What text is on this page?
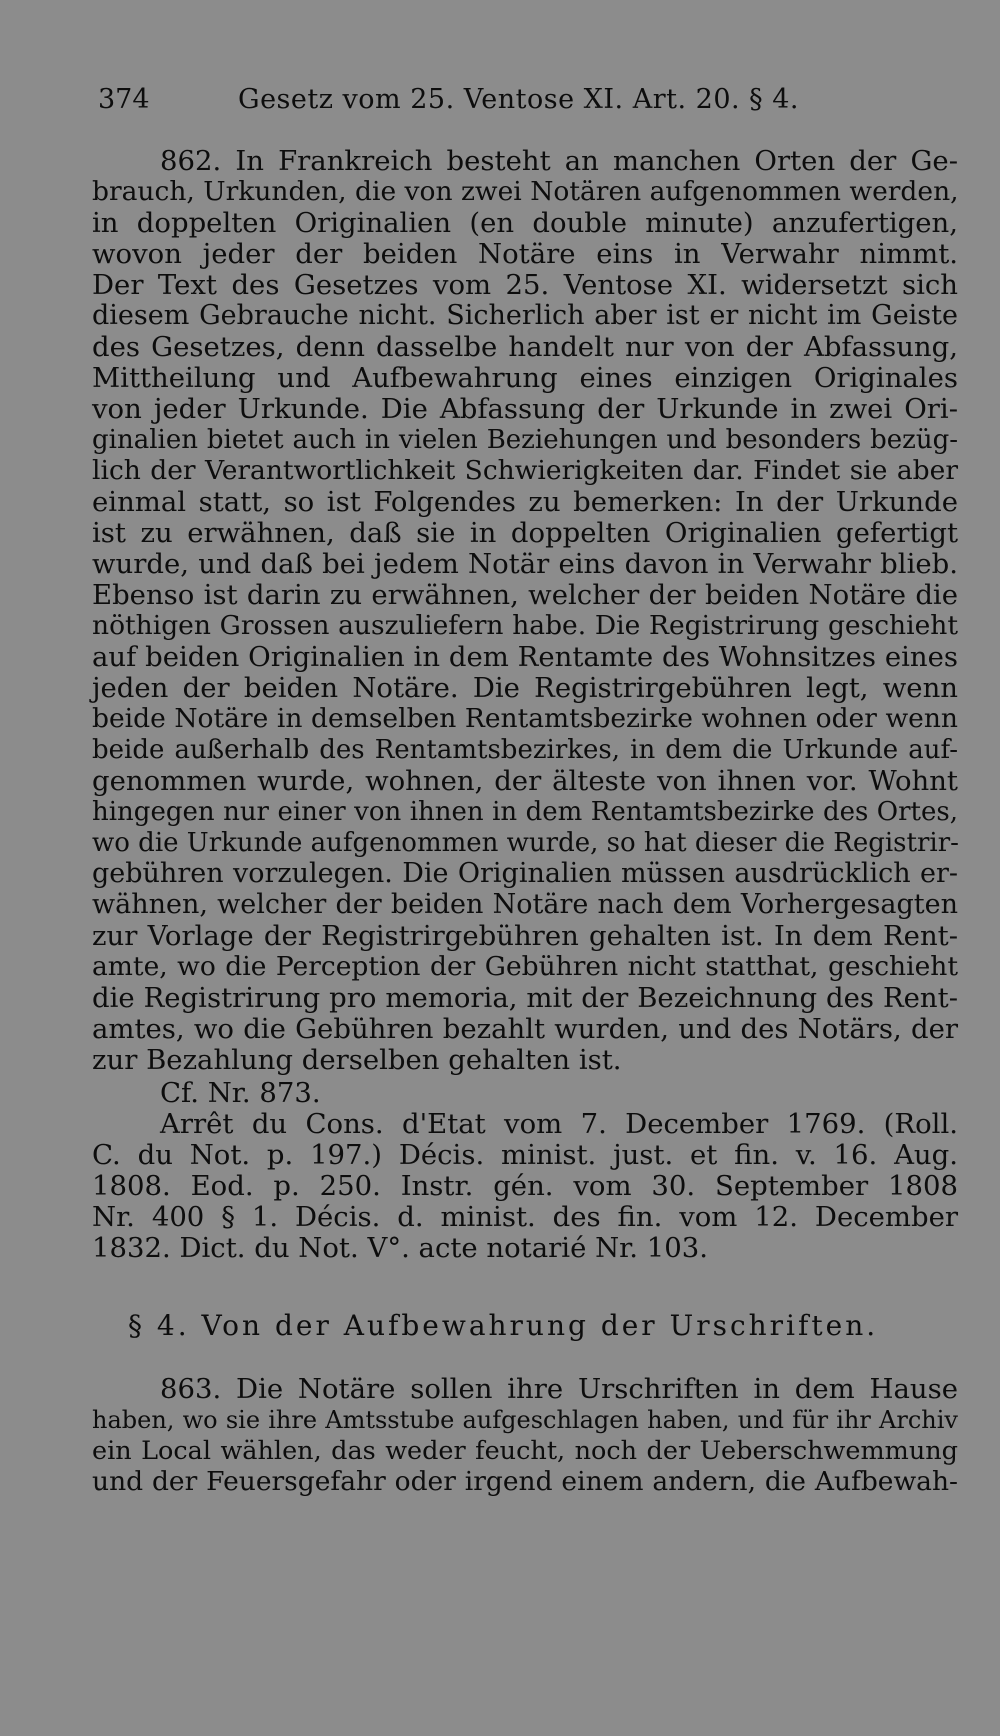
374	Gesetz vom 25. Ventose XI. Art. 20. § 4.
862. In Frankreich besteht an manchen Orten der Ge-
brauch, Urkunden, die von zwei Notären aufgenommen werden,
in doppelten Originalien (en double minute) anzufertigen,
wovon jeder der beiden Notäre eins in Verwahr nimmt.
Der Text des Gesetzes vom 25. Ventose XI. widersetzt sich
diesem Gebrauche nicht. Sicherlich aber ist er nicht im Geiste
des Gesetzes, denn dasselbe handelt nur von der Abfassung,
Mittheilung und Aufbewahrung eines einzigen Originales
von jeder Urkunde. Die Abfassung der Urkunde in zwei Ori-
ginalien bietet auch in vielen Beziehungen und besonders bezüg-
lich der Verantwortlichkeit Schwierigkeiten dar. Findet sie aber
einmal statt, so ist Folgendes zu bemerken: In der Urkunde
ist zu erwähnen, daß sie in doppelten Originalien gefertigt
wurde, und daß bei jedem Notär eins davon in Verwahr blieb.
Ebenso ist darin zu erwähnen, welcher der beiden Notäre die
nöthigen Grossen auszuliefern habe. Die Registrirung geschieht
auf beiden Originalien in dem Rentamte des Wohnsitzes eines
jeden der beiden Notäre. Die Registrirgebühren legt, wenn
beide Notäre in demselben Rentamtsbezirke wohnen oder wenn
beide außerhalb des Rentamtsbezirkes, in dem die Urkunde auf-
genommen wurde, wohnen, der älteste von ihnen vor. Wohnt
hingegen nur einer von ihnen in dem Rentamtsbezirke des Ortes,
wo die Urkunde aufgenommen wurde, so hat dieser die Registrir-
gebühren vorzulegen. Die Originalien müssen ausdrücklich er-
wähnen, welcher der beiden Notäre nach dem Vorhergesagten
zur Vorlage der Registrirgebühren gehalten ist. In dem Rent-
amte, wo die Perception der Gebühren nicht statthat, geschieht
die Registrirung pro memoria, mit der Bezeichnung des Rent-
amtes, wo die Gebühren bezahlt wurden, und des Notärs, der
zur Bezahlung derselben gehalten ist.
Cf. Nr. 873.
Arrêt du Cons. d'Etat vom 7. December 1769. (Roll.
C. du Not. p. 197.) Décis. minist. just. et fin. v. 16. Aug.
1808. Eod. p. 250. Instr. gén. vom 30. September 1808
Nr. 400 § 1. Décis. d. minist. des fin. vom 12. December
1832. Dict. du Not. V°. acte notarié Nr. 103.
§ 4. Von der Aufbewahrung der Urschriften.
863. Die Notäre sollen ihre Urschriften in dem Hause
haben, wo sie ihre Amtsstube aufgeschlagen haben, und für ihr Archiv
ein Local wählen, das weder feucht, noch der Ueberschwemmung
und der Feuersgefahr oder irgend einem andern, die Aufbewah-
